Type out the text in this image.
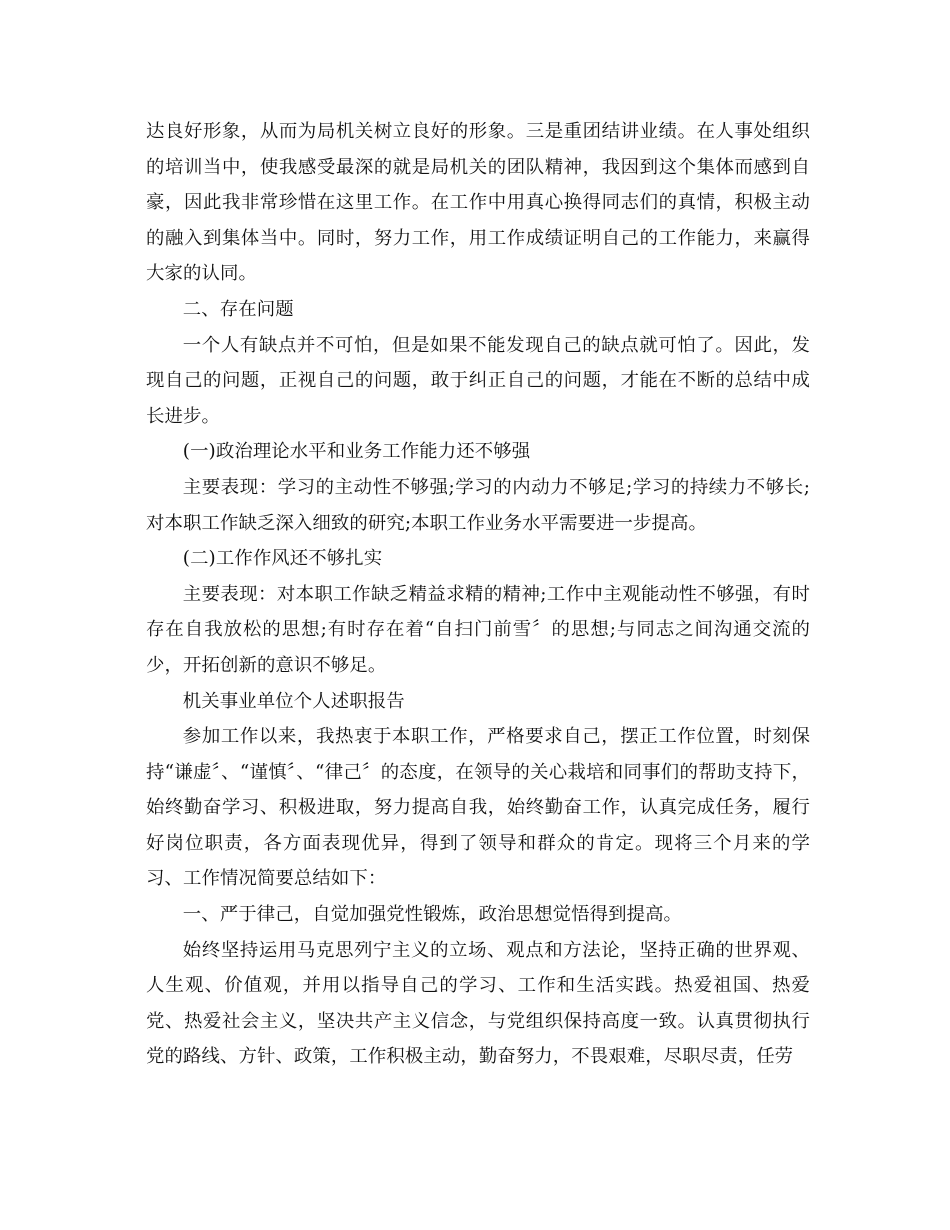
达良好形象，从而为局机关树立良好的形象。三是重团结讲业绩。在人事处组织的培训当中，使我感受最深的就是局机关的团队精神，我因到这个集体而感到自豪，因此我非常珍惜在这里工作。在工作中用真心换得同志们的真情，积极主动的融入到集体当中。同时，努力工作，用工作成绩证明自己的工作能力，来赢得大家的认同。

二、存在问题

一个人有缺点并不可怕，但是如果不能发现自己的缺点就可怕了。因此，发现自己的问题，正视自己的问题，敢于纠正自己的问题，才能在不断的总结中成长进步。

(一)政治理论水平和业务工作能力还不够强

主要表现：学习的主动性不够强;学习的内动力不够足;学习的持续力不够长;对本职工作缺乏深入细致的研究;本职工作业务水平需要进一步提高。

(二)工作作风还不够扎实

主要表现：对本职工作缺乏精益求精的精神;工作中主观能动性不够强，有时存在自我放松的思想;有时存在着“自扫门前雪〞的思想;与同志之间沟通交流的少，开拓创新的意识不够足。

机关事业单位个人述职报告

参加工作以来，我热衷于本职工作，严格要求自己，摆正工作位置，时刻保持“谦虚〞、“谨慎〞、“律己〞的态度，在领导的关心栽培和同事们的帮助支持下，始终勤奋学习、积极进取，努力提高自我，始终勤奋工作，认真完成任务，履行好岗位职责，各方面表现优异，得到了领导和群众的肯定。现将三个月来的学习、工作情况简要总结如下：

一、严于律己，自觉加强党性锻炼，政治思想觉悟得到提高。

始终坚持运用马克思列宁主义的立场、观点和方法论，坚持正确的世界观、人生观、价值观，并用以指导自己的学习、工作和生活实践。热爱祖国、热爱党、热爱社会主义，坚决共产主义信念，与党组织保持高度一致。认真贯彻执行党的路线、方针、政策，工作积极主动，勤奋努力，不畏艰难，尽职尽责，任劳
